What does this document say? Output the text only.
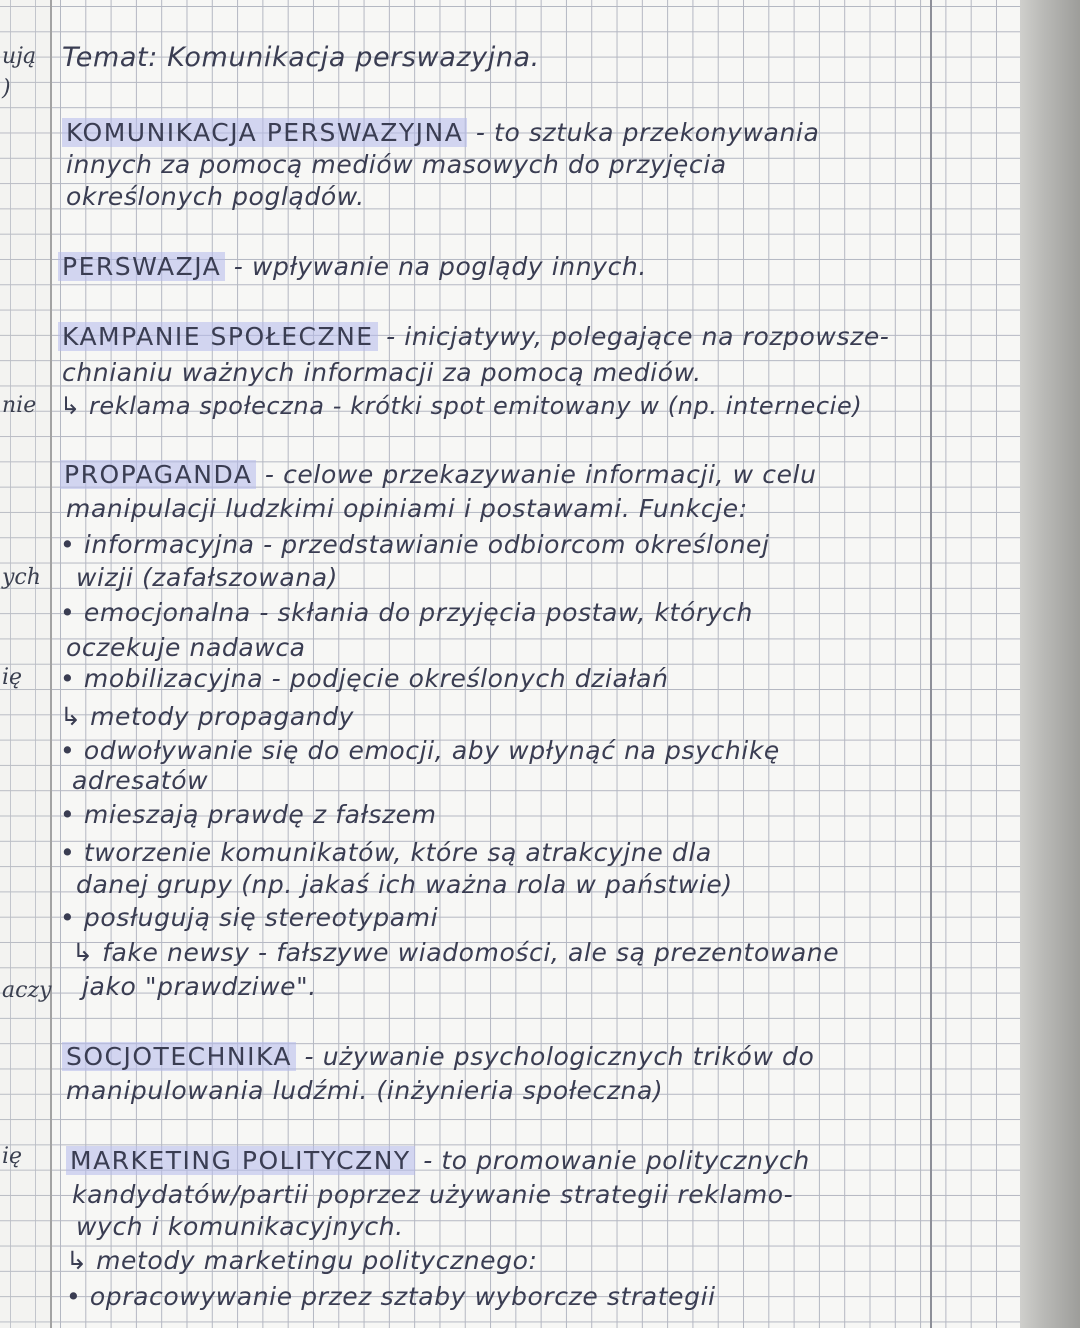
ują
)
nie
ych
ię
aczy
ię
Temat: Komunikacja perswazyjna.
KOMUNIKACJA PERSWAZYJNA - to sztuka przekonywania
innych za pomocą mediów masowych do przyjęcia
określonych poglądów.
PERSWAZJA - wpływanie na poglądy innych.
KAMPANIE SPOŁECZNE - inicjatywy, polegające na rozpowsze-
chnianiu ważnych informacji za pomocą mediów.
↳ reklama społeczna - krótki spot emitowany w (np. internecie)
PROPAGANDA - celowe przekazywanie informacji, w celu
manipulacji ludzkimi opiniami i postawami. Funkcje:
• informacyjna - przedstawianie odbiorcom określonej
wizji (zafałszowana)
• emocjonalna - skłania do przyjęcia postaw, których
oczekuje nadawca
• mobilizacyjna - podjęcie określonych działań
↳ metody propagandy
• odwoływanie się do emocji, aby wpłynąć na psychikę
adresatów
• mieszają prawdę z fałszem
• tworzenie komunikatów, które są atrakcyjne dla
danej grupy (np. jakaś ich ważna rola w państwie)
• posługują się stereotypami
↳ fake newsy - fałszywe wiadomości, ale są prezentowane
jako "prawdziwe".
SOCJOTECHNIKA - używanie psychologicznych trików do
manipulowania ludźmi. (inżynieria społeczna)
MARKETING POLITYCZNY - to promowanie politycznych
kandydatów/partii poprzez używanie strategii reklamo-
wych i komunikacyjnych.
↳ metody marketingu politycznego:
• opracowywanie przez sztaby wyborcze strategii
